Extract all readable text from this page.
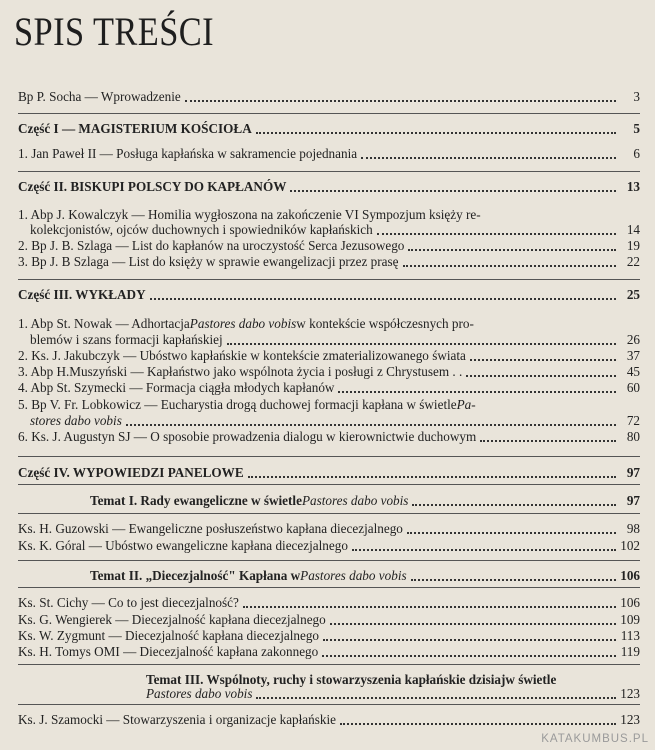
SPIS TREŚCI
Bp P. Socha — Wprowadzenie	3
Część I — MAGISTERIUM KOŚCIOŁA	5
1. Jan Paweł II — Posługa kapłańska w sakramencie pojednania	6
Część II. BISKUPI POLSCY DO KAPŁANÓW	13
1. Abp J. Kowalczyk — Homilia wygłoszona na zakończenie VI Sympozjum księży re-
kolekcjonistów, ojców duchownych i spowiedników kapłańskich	14
2. Bp J. B. Szlaga — List do kapłanów na uroczystość Serca Jezusowego	19
3. Bp J. B Szlaga — List do księży w sprawie ewangelizacji przez prasę	22
Część III. WYKŁADY	25
1. Abp St. Nowak — Adhortacja Pastores dabo vobis w kontekście współczesnych pro-
blemów i szans formacji kapłańskiej	26
2. Ks. J. Jakubczyk — Ubóstwo kapłańskie w kontekście zmaterializowanego świata	37
3. Abp H.Muszyński — Kapłaństwo jako wspólnota życia i posługi z Chrystusem . .	45
4. Abp St. Szymecki — Formacja ciągła młodych kapłanów	60
5. Bp V. Fr. Lobkowicz — Eucharystia drogą duchowej formacji kapłana w świetle Pa-
stores dabo vobis	72
6. Ks. J. Augustyn SJ — O sposobie prowadzenia dialogu w kierownictwie duchowym	80
Część IV. WYPOWIEDZI PANELOWE	97
Temat I. Rady ewangeliczne w świetle Pastores dabo vobis	97
Ks. H. Guzowski — Ewangeliczne posłuszeństwo kapłana diecezjalnego	98
Ks. K. Góral — Ubóstwo ewangeliczne kapłana diecezjalnego	102
Temat II. „Diecezjalność" Kapłana w Pastores dabo vobis	106
Ks. St. Cichy — Co to jest diecezjalność?	106
Ks. G. Wengierek — Diecezjalność kapłana diecezjalnego	109
Ks. W. Zygmunt — Diecezjalność kapłana diecezjalnego	113
Ks. H. Tomys OMI — Diecezjalność kapłana zakonnego	119
Temat III. Wspólnoty, ruchy i stowarzyszenia kapłańskie dzisiajw świetle
Pastores dabo vobis	123
Ks. J. Szamocki — Stowarzyszenia i organizacje kapłańskie	123
KATAKUMBUS.PL
